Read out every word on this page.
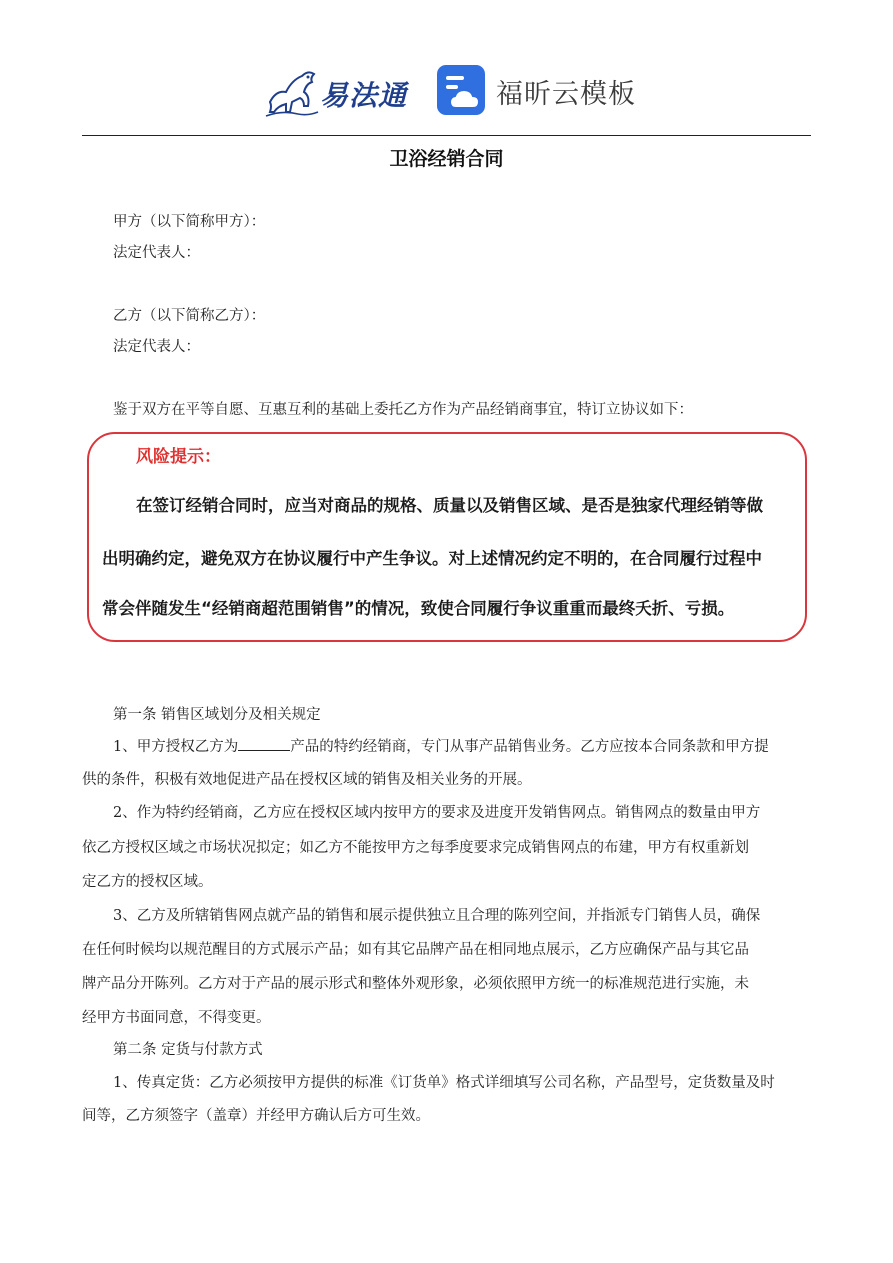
易法通	福昕云模板
卫浴经销合同
甲方（以下简称甲方）：
法定代表人：
乙方（以下简称乙方）：
法定代表人：
鉴于双方在平等自愿、互惠互利的基础上委托乙方作为产品经销商事宜，特订立协议如下：
风险提示：
在签订经销合同时，应当对商品的规格、质量以及销售区域、是否是独家代理经销等做
出明确约定，避免双方在协议履行中产生争议。对上述情况约定不明的，在合同履行过程中
常会伴随发生“经销商超范围销售”的情况，致使合同履行争议重重而最终夭折、亏损。
第一条 销售区域划分及相关规定
1、甲方授权乙方为	产品的特约经销商，专门从事产品销售业务。乙方应按本合同条款和甲方提
供的条件，积极有效地促进产品在授权区域的销售及相关业务的开展。
2、作为特约经销商，乙方应在授权区域内按甲方的要求及进度开发销售网点。销售网点的数量由甲方
依乙方授权区域之市场状况拟定；如乙方不能按甲方之每季度要求完成销售网点的布建，甲方有权重新划
定乙方的授权区域。
3、乙方及所辖销售网点就产品的销售和展示提供独立且合理的陈列空间，并指派专门销售人员，确保
在任何时候均以规范醒目的方式展示产品；如有其它品牌产品在相同地点展示，乙方应确保产品与其它品
牌产品分开陈列。乙方对于产品的展示形式和整体外观形象，必须依照甲方统一的标准规范进行实施，未
经甲方书面同意，不得变更。
第二条 定货与付款方式
1、传真定货：乙方必须按甲方提供的标准《订货单》格式详细填写公司名称，产品型号，定货数量及时
间等，乙方须签字（盖章）并经甲方确认后方可生效。
